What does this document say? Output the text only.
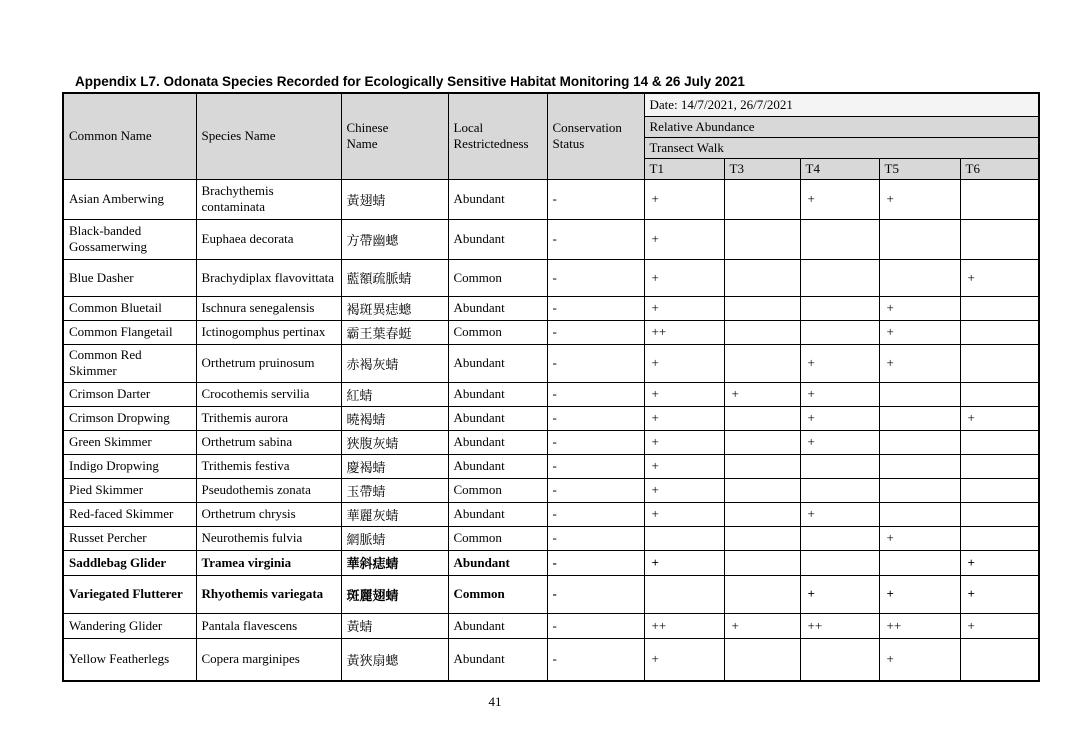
Appendix L7. Odonata Species Recorded for Ecologically Sensitive Habitat Monitoring 14 & 26 July 2021
Common Name	Species Name	Chinese Name	Local Restrictedness	Conservation Status	Date: 14/7/2021, 26/7/2021				
					Relative Abundance				
					Transect Walk				
					T1	T3	T4	T5	T6
Asian Amberwing	Brachythemis contaminata	黃翅蜻	Abundant	-	+		+	+	
Black-banded Gossamerwing	Euphaea decorata	方帶幽蟌	Abundant	-	+				
Blue Dasher	Brachydiplax flavovittata	藍額疏脈蜻	Common	-	+				+
Common Bluetail	Ischnura senegalensis	褐斑異痣蟌	Abundant	-	+			+	
Common Flangetail	Ictinogomphus pertinax	霸王葉春蜓	Common	-	++			+	
Common Red Skimmer	Orthetrum pruinosum	赤褐灰蜻	Abundant	-	+		+	+	
Crimson Darter	Crocothemis servilia	紅蜻	Abundant	-	+	+	+		
Crimson Dropwing	Trithemis aurora	曉褐蜻	Abundant	-	+		+		+
Green Skimmer	Orthetrum sabina	狹腹灰蜻	Abundant	-	+		+		
Indigo Dropwing	Trithemis festiva	慶褐蜻	Abundant	-	+				
Pied Skimmer	Pseudothemis zonata	玉帶蜻	Common	-	+				
Red-faced Skimmer	Orthetrum chrysis	華麗灰蜻	Abundant	-	+		+		
Russet Percher	Neurothemis fulvia	網脈蜻	Common	-				+	
Saddlebag Glider	Tramea virginia	華斜痣蜻	Abundant	-	+				+
Variegated Flutterer	Rhyothemis variegata	斑麗翅蜻	Common	-			+	+	+
Wandering Glider	Pantala flavescens	黃蜻	Abundant	-	++	+	++	++	+
Yellow Featherlegs	Copera marginipes	黃狹扇蟌	Abundant	-	+			+	
41
